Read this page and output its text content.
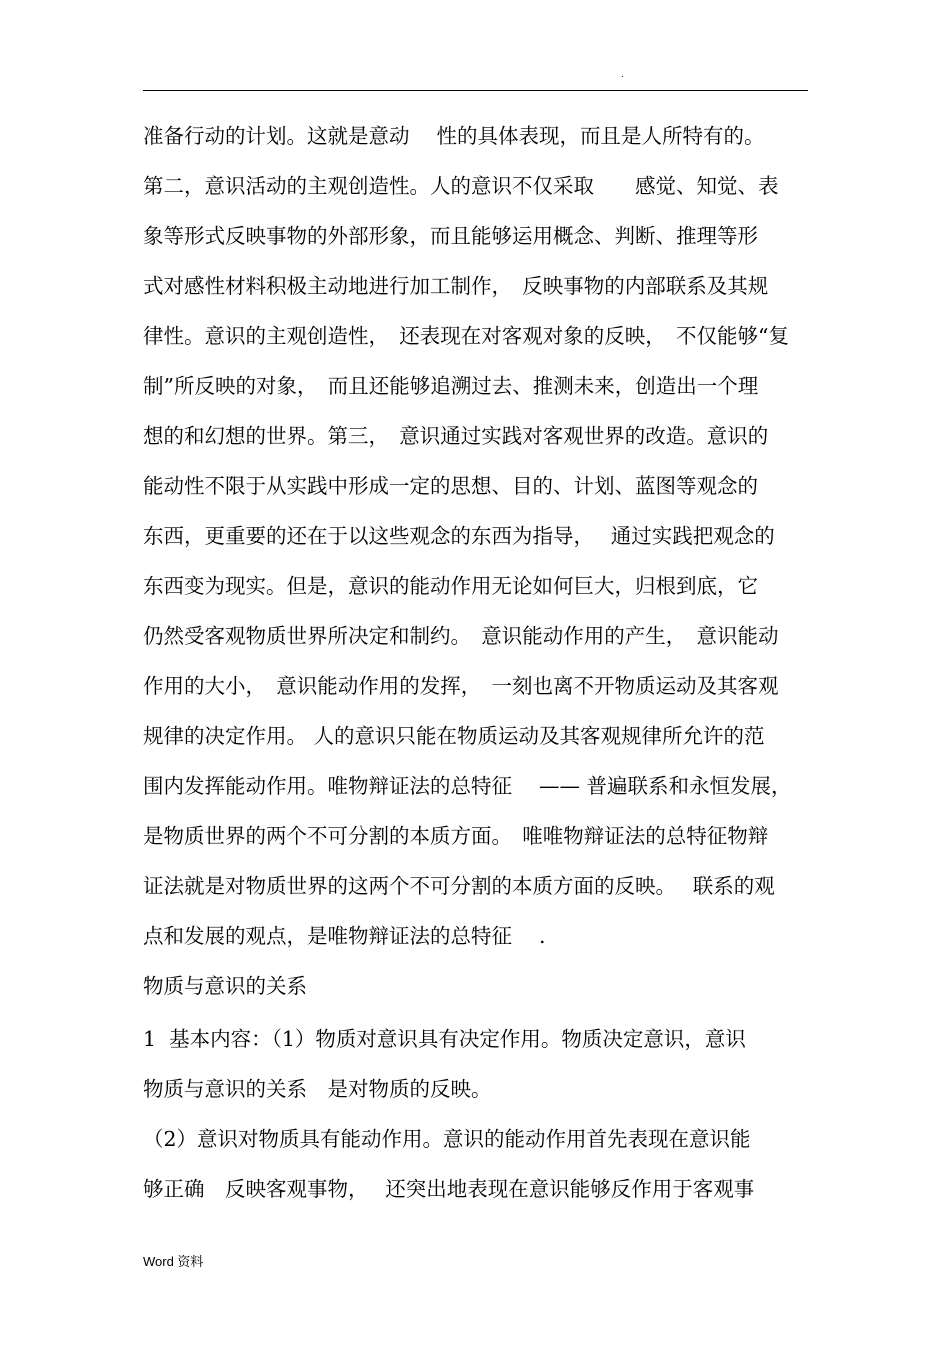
.
准备行动的计划。这就是意动　 性的具体表现，而且是人所特有的。
第二，意识活动的主观创造性。人的意识不仅采取　　感觉、知觉、表
象等形式反映事物的外部形象，而且能够运用概念、判断、推理等形
式对感性材料积极主动地进行加工制作，　反映事物的内部联系及其规
律性。意识的主观创造性，　还表现在对客观对象的反映，　不仅能够“复
制”所反映的对象，　而且还能够追溯过去、推测未来，创造出一个理
想的和幻想的世界。第三，　意识通过实践对客观世界的改造。意识的
能动性不限于从实践中形成一定的思想、目的、计划、蓝图等观念的
东西，更重要的还在于以这些观念的东西为指导，　 通过实践把观念的
东西变为现实。但是，意识的能动作用无论如何巨大，归根到底，它
仍然受客观物质世界所决定和制约。　意识能动作用的产生，　意识能动
作用的大小，　意识能动作用的发挥，　一刻也离不开物质运动及其客观
规律的决定作用。 人的意识只能在物质运动及其客观规律所允许的范
围内发挥能动作用。唯物辩证法的总特征　 —— 普遍联系和永恒发展，
是物质世界的两个不可分割的本质方面。　唯唯物辩证法的总特征物辩
证法就是对物质世界的这两个不可分割的本质方面的反映。　 联系的观
点和发展的观点，是唯物辩证法的总特征　 .
物质与意识的关系
1  基本内容：（1）物质对意识具有决定作用。物质决定意识，意识
物质与意识的关系　是对物质的反映。
（2）意识对物质具有能动作用。意识的能动作用首先表现在意识能
够正确　反映客观事物，　 还突出地表现在意识能够反作用于客观事
Word 资料
